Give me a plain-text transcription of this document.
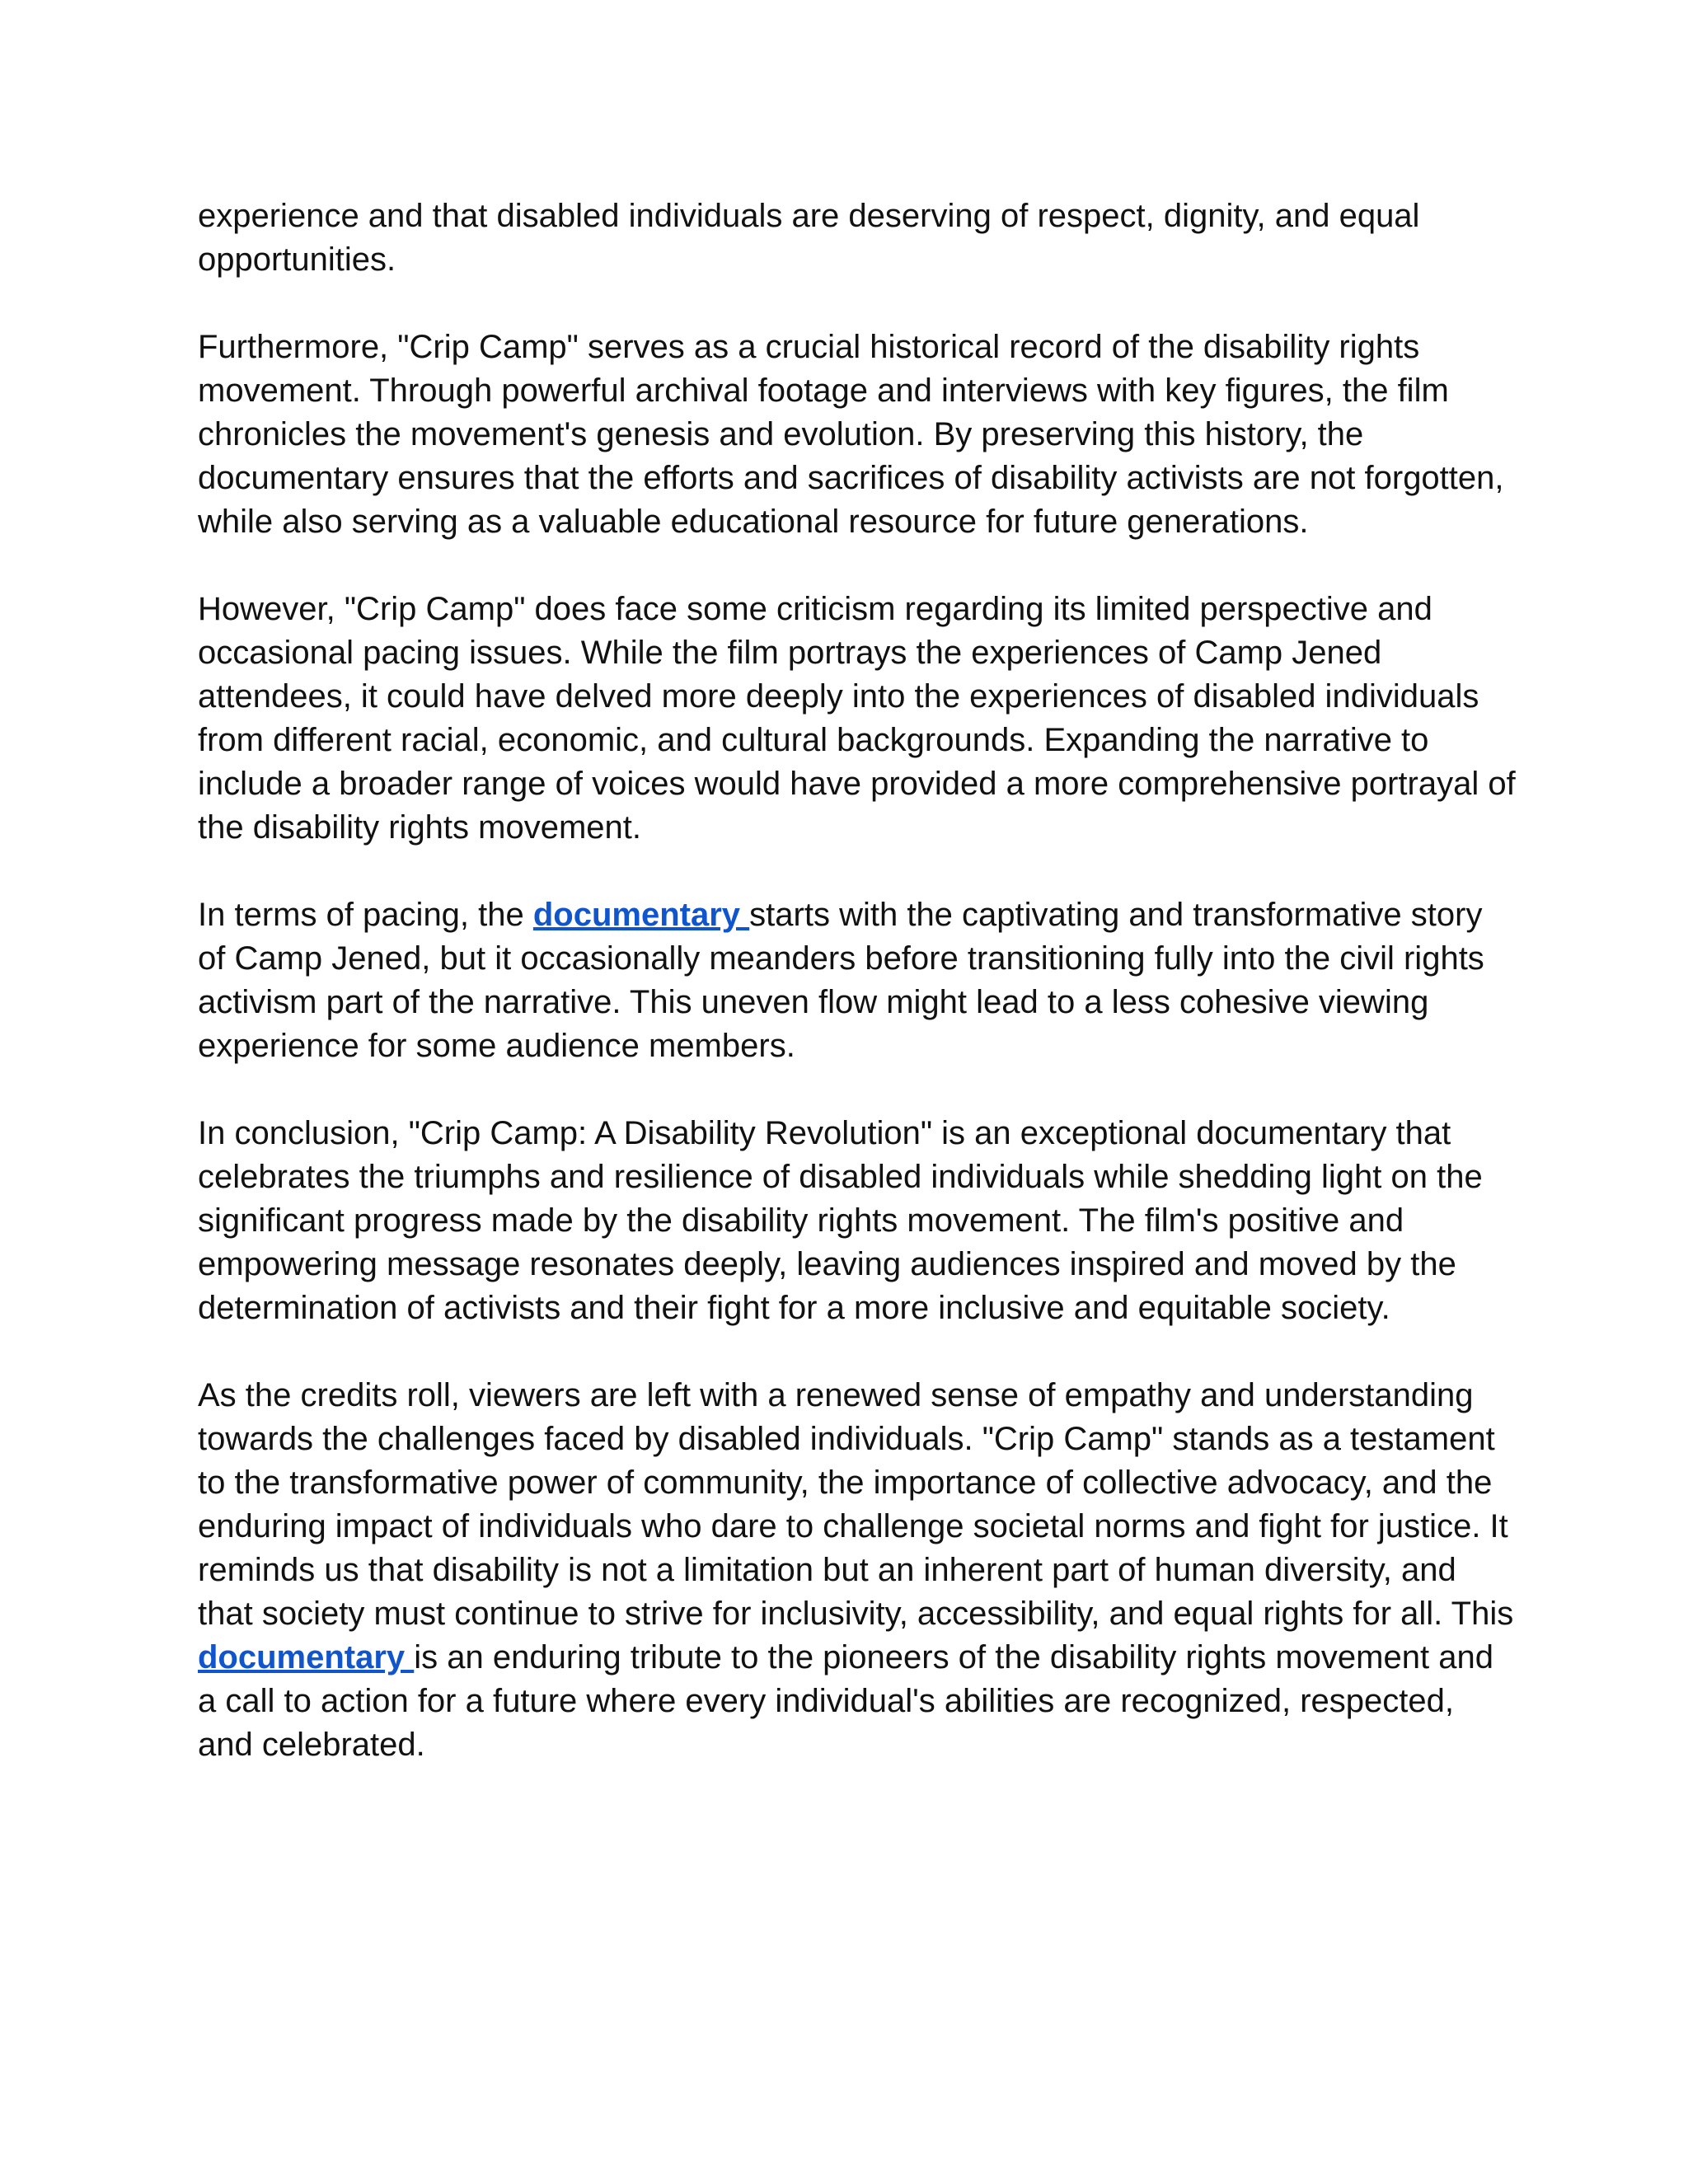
experience and that disabled individuals are deserving of respect, dignity, and equal opportunities.

Furthermore, "Crip Camp" serves as a crucial historical record of the disability rights movement. Through powerful archival footage and interviews with key figures, the film chronicles the movement's genesis and evolution. By preserving this history, the documentary ensures that the efforts and sacrifices of disability activists are not forgotten, while also serving as a valuable educational resource for future generations.

However, "Crip Camp" does face some criticism regarding its limited perspective and occasional pacing issues. While the film portrays the experiences of Camp Jened attendees, it could have delved more deeply into the experiences of disabled individuals from different racial, economic, and cultural backgrounds. Expanding the narrative to include a broader range of voices would have provided a more comprehensive portrayal of the disability rights movement.

In terms of pacing, the documentary starts with the captivating and transformative story of Camp Jened, but it occasionally meanders before transitioning fully into the civil rights activism part of the narrative. This uneven flow might lead to a less cohesive viewing experience for some audience members.

In conclusion, "Crip Camp: A Disability Revolution" is an exceptional documentary that celebrates the triumphs and resilience of disabled individuals while shedding light on the significant progress made by the disability rights movement. The film's positive and empowering message resonates deeply, leaving audiences inspired and moved by the determination of activists and their fight for a more inclusive and equitable society.

As the credits roll, viewers are left with a renewed sense of empathy and understanding towards the challenges faced by disabled individuals. "Crip Camp" stands as a testament to the transformative power of community, the importance of collective advocacy, and the enduring impact of individuals who dare to challenge societal norms and fight for justice. It reminds us that disability is not a limitation but an inherent part of human diversity, and that society must continue to strive for inclusivity, accessibility, and equal rights for all. This documentary is an enduring tribute to the pioneers of the disability rights movement and a call to action for a future where every individual's abilities are recognized, respected, and celebrated.
